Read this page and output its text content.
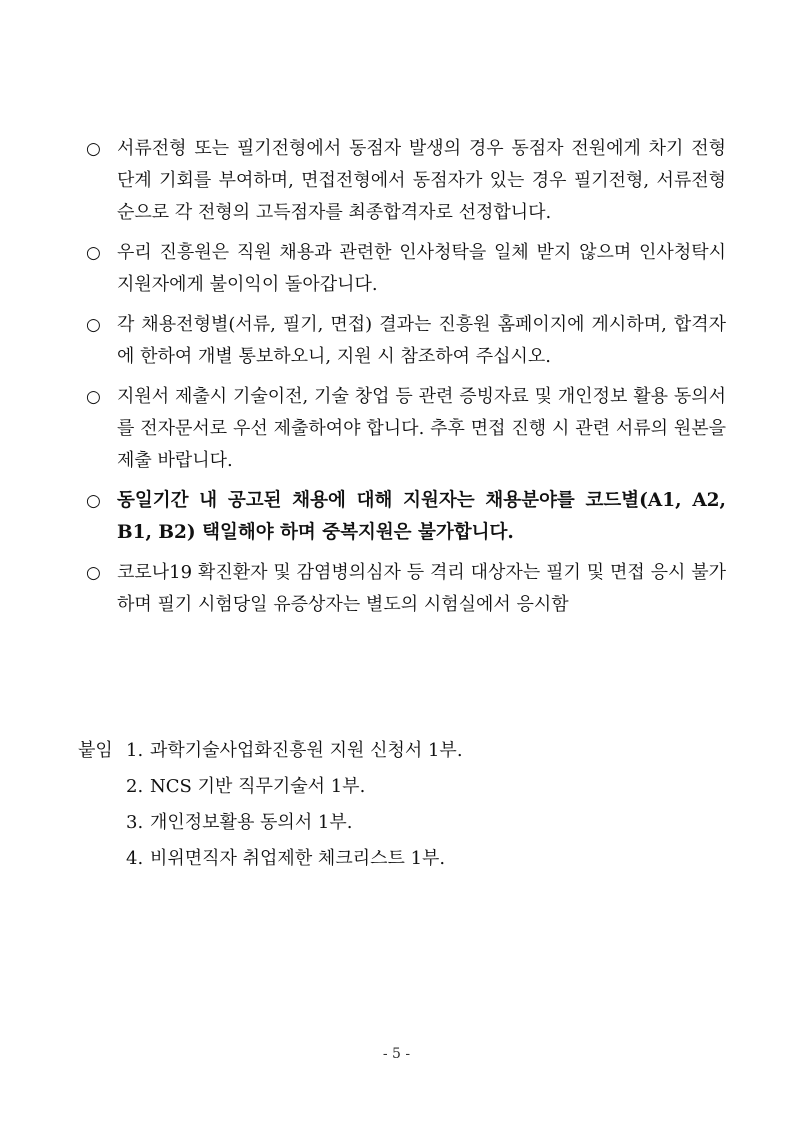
○ 서류전형 또는 필기전형에서 동점자 발생의 경우 동점자 전원에게 차기 전형 단계 기회를 부여하며, 면접전형에서 동점자가 있는 경우 필기전형, 서류전형 순으로 각 전형의 고득점자를 최종합격자로 선정합니다.
○ 우리 진흥원은 직원 채용과 관련한 인사청탁을 일체 받지 않으며 인사청탁시 지원자에게 불이익이 돌아갑니다.
○ 각 채용전형별(서류, 필기, 면접) 결과는 진흥원 홈페이지에 게시하며, 합격자에 한하여 개별 통보하오니, 지원 시 참조하여 주십시오.
○ 지원서 제출시 기술이전, 기술 창업 등 관련 증빙자료 및 개인정보 활용 동의서를 전자문서로 우선 제출하여야 합니다. 추후 면접 진행 시 관련 서류의 원본을 제출 바랍니다.
○ 동일기간 내 공고된 채용에 대해 지원자는 채용분야를 코드별(A1, A2, B1, B2) 택일해야 하며 중복지원은 불가합니다.
○ 코로나19 확진환자 및 감염병의심자 등 격리 대상자는 필기 및 면접 응시 불가하며 필기 시험당일 유증상자는 별도의 시험실에서 응시함
붙임 1. 과학기술사업화진흥원 지원 신청서 1부.
2. NCS 기반 직무기술서 1부.
3. 개인정보활용 동의서 1부.
4. 비위면직자 취업제한 체크리스트 1부.
- 5 -
